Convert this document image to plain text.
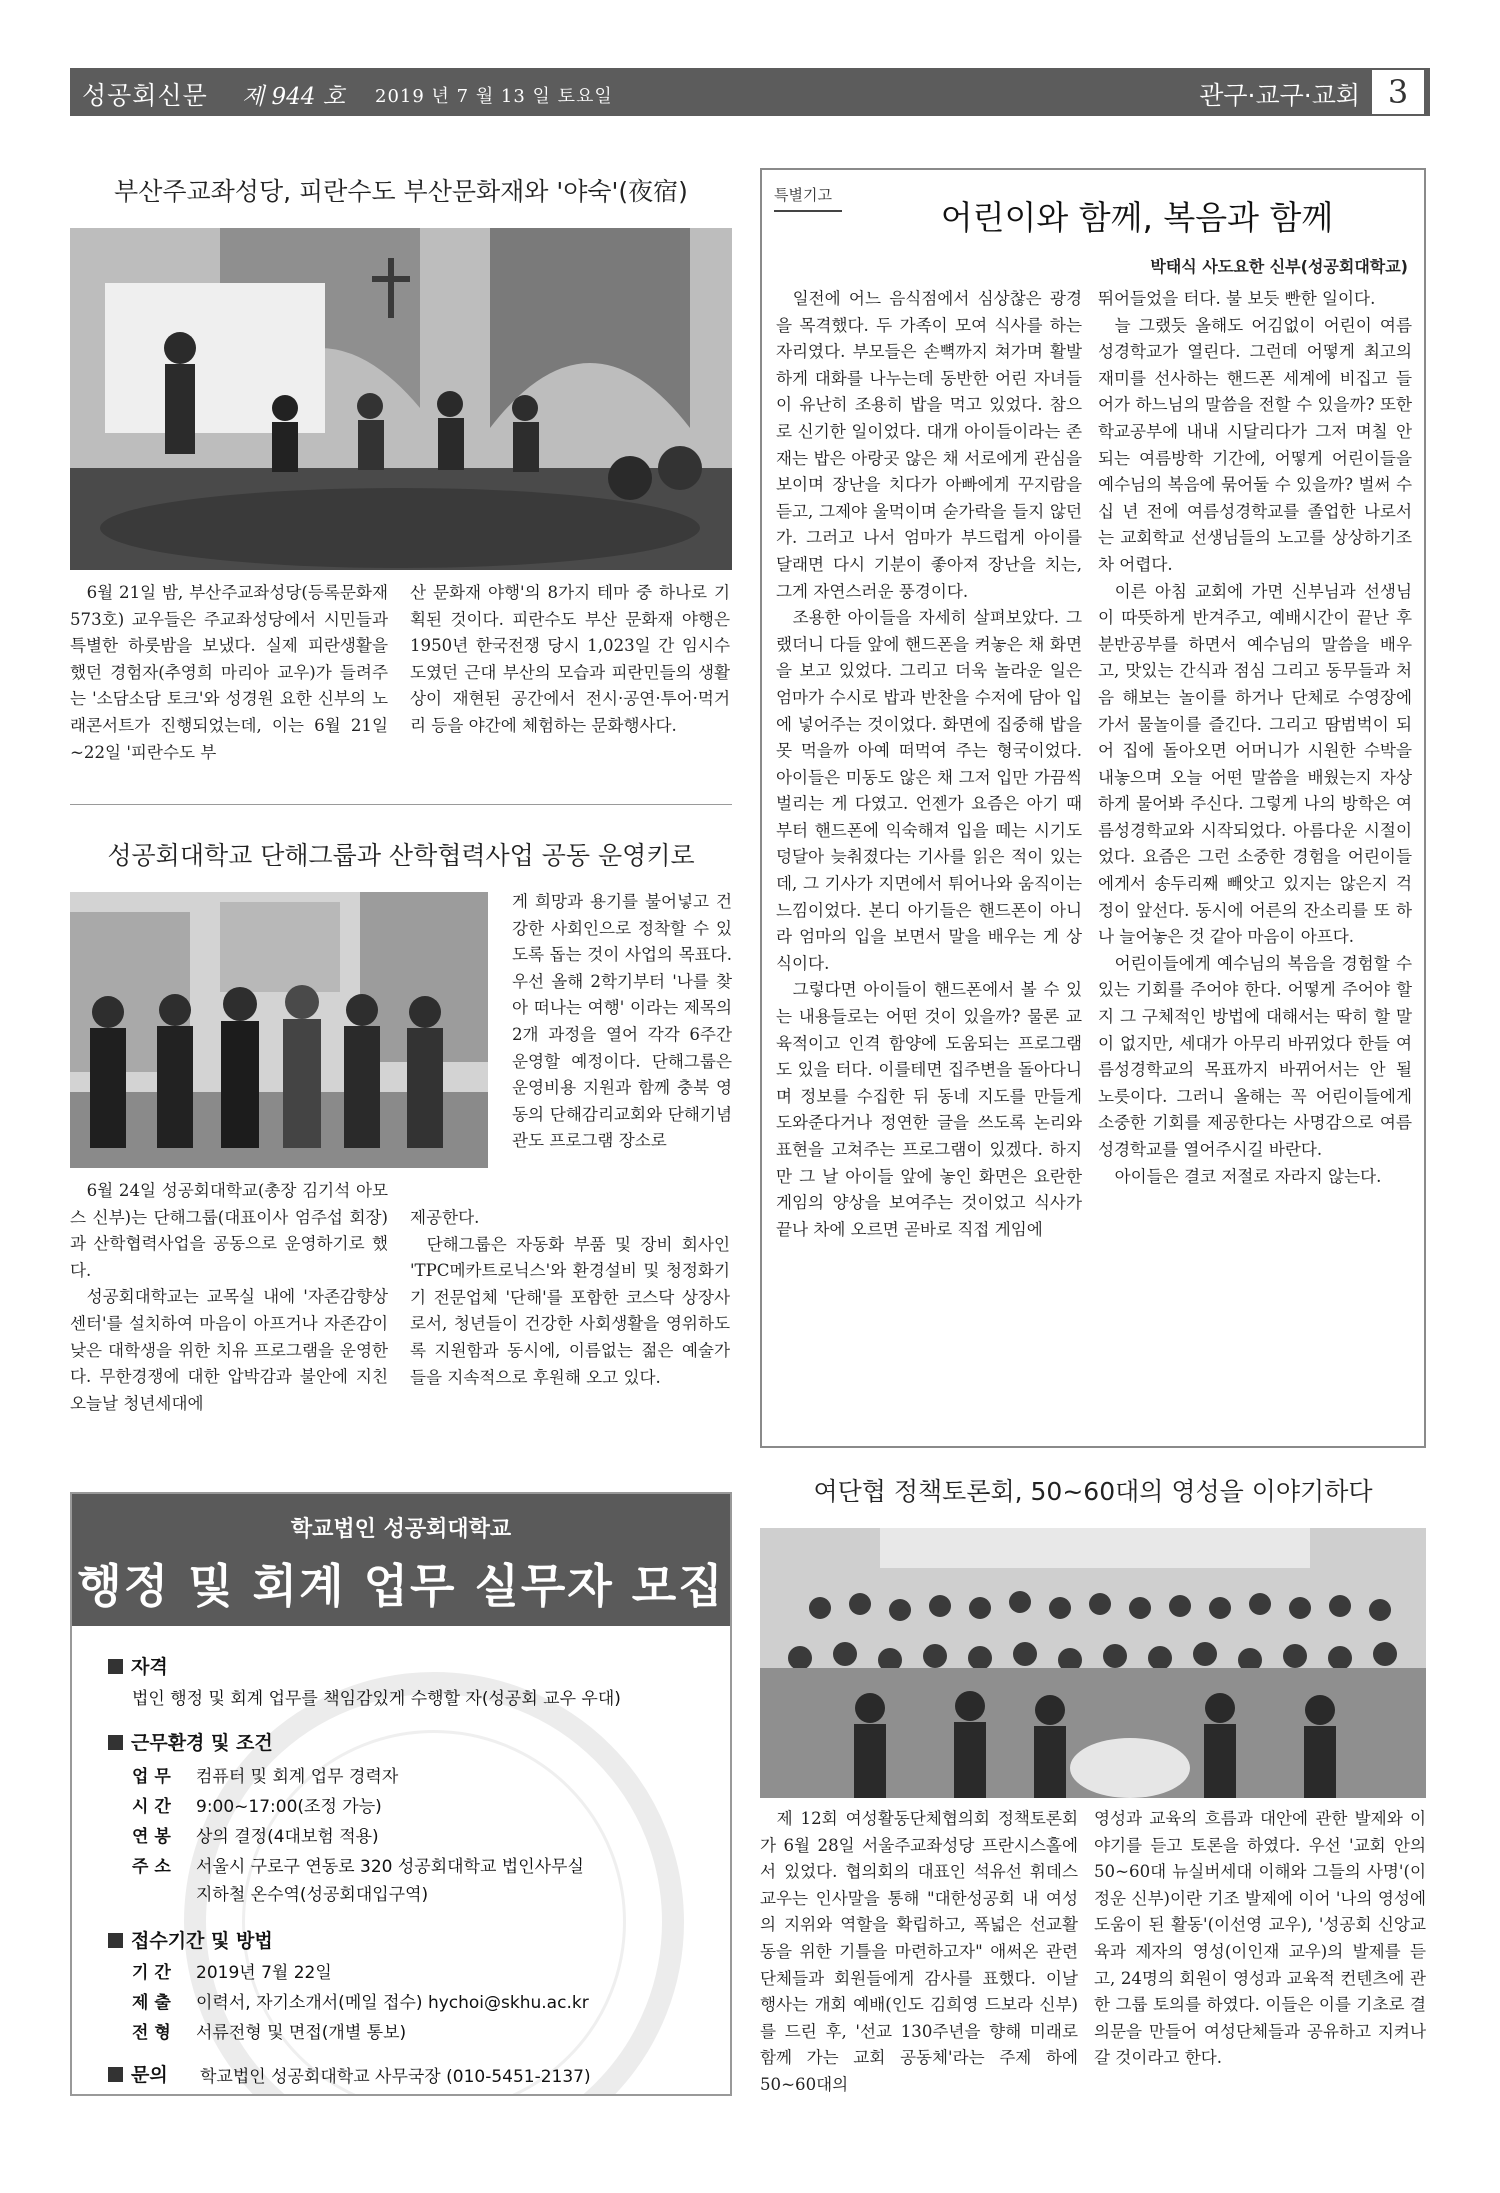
성공회신문 제 944 호 2019 년 7 월 13 일 토요일	관구·교구·교회 3
부산주교좌성당, 피란수도 부산문화재와 '야숙'(夜宿)

6월 21일 밤, 부산주교좌성당(등록문화재 573호) 교우들은 주교좌성당에서 시민들과 특별한 하룻밤을 보냈다. 실제 피란생활을 했던 경험자(추영희 마리아 교우)가 들려주는 '소담소담 토크'와 성경원 요한 신부의 노래콘서트가 진행되었는데, 이는 6월 21일~22일 '피란수도 부

산 문화재 야행'의 8가지 테마 중 하나로 기획된 것이다. 피란수도 부산 문화재 야행은 1950년 한국전쟁 당시 1,023일 간 임시수도였던 근대 부산의 모습과 피란민들의 생활상이 재현된 공간에서 전시·공연·투어·먹거리 등을 야간에 체험하는 문화행사다.

성공회대학교 단해그룹과 산학협력사업 공동 운영키로

게 희망과 용기를 불어넣고 건강한 사회인으로 정착할 수 있도록 돕는 것이 사업의 목표다. 우선 올해 2학기부터 '나를 찾아 떠나는 여행' 이라는 제목의 2개 과정을 열어 각각 6주간 운영할 예정이다. 단해그룹은 운영비용 지원과 함께 충북 영동의 단해감리교회와 단해기념관도 프로그램 장소로

6월 24일 성공회대학교(총장 김기석 아모스 신부)는 단해그룹(대표이사 엄주섭 회장)과 산학협력사업을 공동으로 운영하기로 했다.

성공회대학교는 교목실 내에 '자존감향상센터'를 설치하여 마음이 아프거나 자존감이 낮은 대학생을 위한 치유 프로그램을 운영한다. 무한경쟁에 대한 압박감과 불안에 지친 오늘날 청년세대에

제공한다.

단해그룹은 자동화 부품 및 장비 회사인 'TPC메카트로닉스'와 환경설비 및 청정화기기 전문업체 '단해'를 포함한 코스닥 상장사로서, 청년들이 건강한 사회생활을 영위하도록 지원함과 동시에, 이름없는 젊은 예술가들을 지속적으로 후원해 오고 있다.

특별기고
어린이와 함께, 복음과 함께
박태식 사도요한 신부(성공회대학교)

일전에 어느 음식점에서 심상찮은 광경을 목격했다. 두 가족이 모여 식사를 하는 자리였다. 부모들은 손뼉까지 쳐가며 활발하게 대화를 나누는데 동반한 어린 자녀들이 유난히 조용히 밥을 먹고 있었다. 참으로 신기한 일이었다. 대개 아이들이라는 존재는 밥은 아랑곳 않은 채 서로에게 관심을 보이며 장난을 치다가 아빠에게 꾸지람을 듣고, 그제야 울먹이며 숟가락을 들지 않던가. 그러고 나서 엄마가 부드럽게 아이를 달래면 다시 기분이 좋아져 장난을 치는, 그게 자연스러운 풍경이다.

조용한 아이들을 자세히 살펴보았다. 그랬더니 다들 앞에 핸드폰을 켜놓은 채 화면을 보고 있었다. 그리고 더욱 놀라운 일은 엄마가 수시로 밥과 반찬을 수저에 담아 입에 넣어주는 것이었다. 화면에 집중해 밥을 못 먹을까 아예 떠먹여 주는 형국이었다. 아이들은 미동도 않은 채 그저 입만 가끔씩 벌리는 게 다였고. 언젠가 요즘은 아기 때부터 핸드폰에 익숙해져 입을 떼는 시기도 덩달아 늦춰졌다는 기사를 읽은 적이 있는데, 그 기사가 지면에서 튀어나와 움직이는 느낌이었다. 본디 아기들은 핸드폰이 아니라 엄마의 입을 보면서 말을 배우는 게 상식이다.

그렇다면 아이들이 핸드폰에서 볼 수 있는 내용들로는 어떤 것이 있을까? 물론 교육적이고 인격 함양에 도움되는 프로그램도 있을 터다. 이를테면 집주변을 돌아다니며 정보를 수집한 뒤 동네 지도를 만들게 도와준다거나 정연한 글을 쓰도록 논리와 표현을 고쳐주는 프로그램이 있겠다. 하지만 그 날 아이들 앞에 놓인 화면은 요란한 게임의 양상을 보여주는 것이었고 식사가 끝나 차에 오르면 곧바로 직접 게임에

뛰어들었을 터다. 불 보듯 빤한 일이다.

늘 그랬듯 올해도 어김없이 어린이 여름성경학교가 열린다. 그런데 어떻게 최고의 재미를 선사하는 핸드폰 세계에 비집고 들어가 하느님의 말씀을 전할 수 있을까? 또한 학교공부에 내내 시달리다가 그저 며칠 안 되는 여름방학 기간에, 어떻게 어린이들을 예수님의 복음에 묶어둘 수 있을까? 벌써 수 십 년 전에 여름성경학교를 졸업한 나로서는 교회학교 선생님들의 노고를 상상하기조차 어렵다.

이른 아침 교회에 가면 신부님과 선생님이 따뜻하게 반겨주고, 예배시간이 끝난 후 분반공부를 하면서 예수님의 말씀을 배우고, 맛있는 간식과 점심 그리고 동무들과 처음 해보는 놀이를 하거나 단체로 수영장에 가서 물놀이를 즐긴다. 그리고 땀범벅이 되어 집에 돌아오면 어머니가 시원한 수박을 내놓으며 오늘 어떤 말씀을 배웠는지 자상하게 물어봐 주신다. 그렇게 나의 방학은 여름성경학교와 시작되었다. 아름다운 시절이었다. 요즘은 그런 소중한 경험을 어린이들에게서 송두리째 빼앗고 있지는 않은지 걱정이 앞선다. 동시에 어른의 잔소리를 또 하나 늘어놓은 것 같아 마음이 아프다.

어린이들에게 예수님의 복음을 경험할 수 있는 기회를 주어야 한다. 어떻게 주어야 할지 그 구체적인 방법에 대해서는 딱히 할 말이 없지만, 세대가 아무리 바뀌었다 한들 여름성경학교의 목표까지 바뀌어서는 안 될 노릇이다. 그러니 올해는 꼭 어린이들에게 소중한 기회를 제공한다는 사명감으로 여름성경학교를 열어주시길 바란다.

아이들은 결코 저절로 자라지 않는다.

여단협 정책토론회, 50~60대의 영성을 이야기하다

제 12회 여성활동단체협의회 정책토론회가 6월 28일 서울주교좌성당 프란시스홀에서 있었다. 협의회의 대표인 석유선 휘데스 교우는 인사말을 통해 "대한성공회 내 여성의 지위와 역할을 확립하고, 폭넓은 선교활동을 위한 기틀을 마련하고자" 애써온 관련 단체들과 회원들에게 감사를 표했다. 이날 행사는 개회 예배(인도 김희영 드보라 신부)를 드린 후, '선교 130주년을 향해 미래로 함께 가는 교회 공동체'라는 주제 하에 50~60대의

영성과 교육의 흐름과 대안에 관한 발제와 이야기를 듣고 토론을 하였다. 우선 '교회 안의 50~60대 뉴실버세대 이해와 그들의 사명'(이정운 신부)이란 기조 발제에 이어 '나의 영성에 도움이 된 활동'(이선영 교우), '성공회 신앙교육과 제자의 영성(이인재 교우)의 발제를 듣고, 24명의 회원이 영성과 교육적 컨텐츠에 관한 그룹 토의를 하였다. 이들은 이를 기초로 결의문을 만들어 여성단체들과 공유하고 지켜나갈 것이라고 한다.

학교법인 성공회대학교
행정 및 회계 업무 실무자 모집
자격
법인 행정 및 회계 업무를 책임감있게 수행할 자(성공회 교우 우대)
근무환경 및 조건
업 무 컴퓨터 및 회계 업무 경력자
시 간 9:00~17:00(조정 가능)
연 봉 상의 결정(4대보험 적용)
주 소 서울시 구로구 연동로 320 성공회대학교 법인사무실
지하철 온수역(성공회대입구역)
접수기간 및 방법
기 간 2019년 7월 22일
제 출 이력서, 자기소개서(메일 접수) hychoi@skhu.ac.kr
전 형 서류전형 및 면접(개별 통보)
문의 학교법인 성공회대학교 사무국장 (010-5451-2137)
